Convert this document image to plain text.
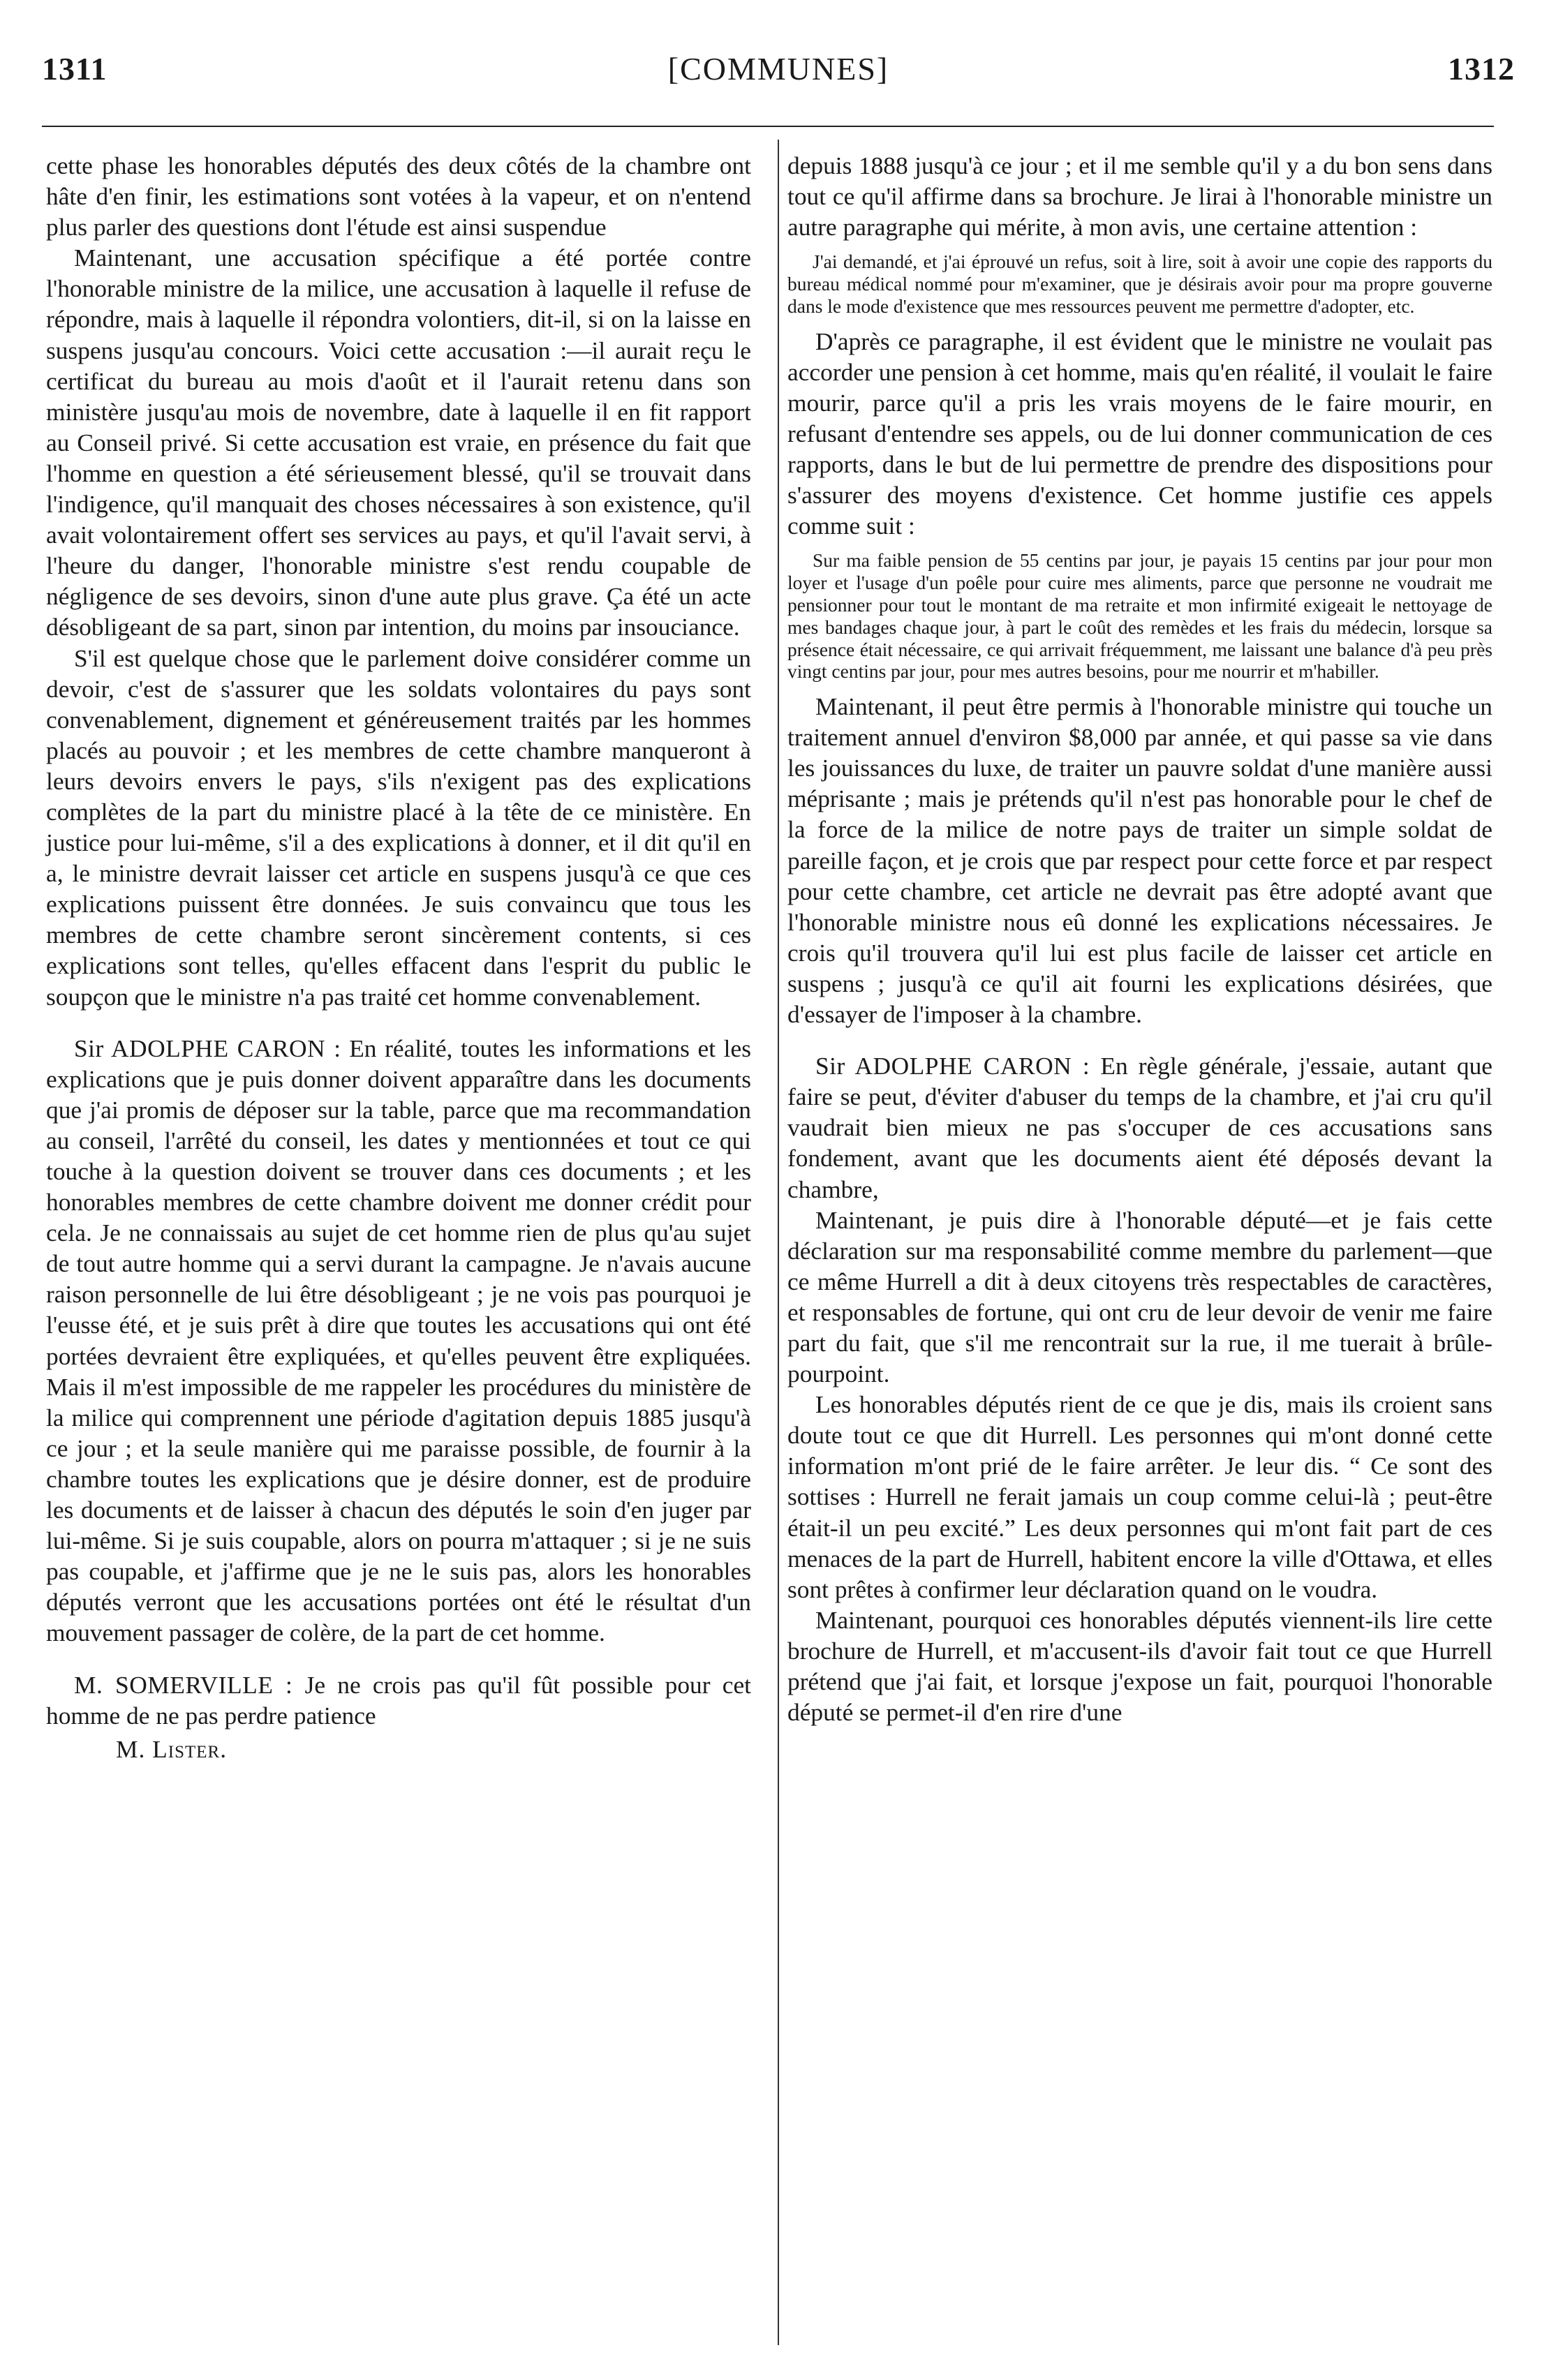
1311	[COMMUNES]	1312

cette phase les honorables députés des deux côtés de la chambre ont hâte d'en finir, les estimations sont votées à la vapeur, et on n'entend plus parler des questions dont l'étude est ainsi suspendue

Maintenant, une accusation spécifique a été portée contre l'honorable ministre de la milice, une accusation à laquelle il refuse de répondre, mais à laquelle il répondra volontiers, dit-il, si on la laisse en suspens jusqu'au concours. Voici cette accusation :—il aurait reçu le certificat du bureau au mois d'août et il l'aurait retenu dans son ministère jusqu'au mois de novembre, date à laquelle il en fit rapport au Conseil privé. Si cette accusation est vraie, en présence du fait que l'homme en question a été sérieusement blessé, qu'il se trouvait dans l'indigence, qu'il manquait des choses nécessaires à son existence, qu'il avait volontairement offert ses services au pays, et qu'il l'avait servi, à l'heure du danger, l'honorable ministre s'est rendu coupable de négligence de ses devoirs, sinon d'une aute plus grave. Ça été un acte désobligeant de sa part, sinon par intention, du moins par insouciance.

S'il est quelque chose que le parlement doive considérer comme un devoir, c'est de s'assurer que les soldats volontaires du pays sont convenablement, dignement et généreusement traités par les hommes placés au pouvoir ; et les membres de cette chambre manqueront à leurs devoirs envers le pays, s'ils n'exigent pas des explications complètes de la part du ministre placé à la tête de ce ministère. En justice pour lui-même, s'il a des explications à donner, et il dit qu'il en a, le ministre devrait laisser cet article en suspens jusqu'à ce que ces explications puissent être données. Je suis convaincu que tous les membres de cette chambre seront sincèrement contents, si ces explications sont telles, qu'elles effacent dans l'esprit du public le soupçon que le ministre n'a pas traité cet homme convenablement.

Sir ADOLPHE CARON : En réalité, toutes les informations et les explications que je puis donner doivent apparaître dans les documents que j'ai promis de déposer sur la table, parce que ma recommandation au conseil, l'arrêté du conseil, les dates y mentionnées et tout ce qui touche à la question doivent se trouver dans ces documents ; et les honorables membres de cette chambre doivent me donner crédit pour cela. Je ne connaissais au sujet de cet homme rien de plus qu'au sujet de tout autre homme qui a servi durant la campagne. Je n'avais aucune raison personnelle de lui être désobligeant ; je ne vois pas pourquoi je l'eusse été, et je suis prêt à dire que toutes les accusations qui ont été portées devraient être expliquées, et qu'elles peuvent être expliquées. Mais il m'est impossible de me rappeler les procédures du ministère de la milice qui comprennent une période d'agitation depuis 1885 jusqu'à ce jour ; et la seule manière qui me paraisse possible, de fournir à la chambre toutes les explications que je désire donner, est de produire les documents et de laisser à chacun des députés le soin d'en juger par lui-même. Si je suis coupable, alors on pourra m'attaquer ; si je ne suis pas coupable, et j'affirme que je ne le suis pas, alors les honorables députés verront que les accusations portées ont été le résultat d'un mouvement passager de colère, de la part de cet homme.

M. SOMERVILLE : Je ne crois pas qu'il fût possible pour cet homme de ne pas perdre patience

M. Lister.

depuis 1888 jusqu'à ce jour ; et il me semble qu'il y a du bon sens dans tout ce qu'il affirme dans sa brochure. Je lirai à l'honorable ministre un autre paragraphe qui mérite, à mon avis, une certaine attention :

J'ai demandé, et j'ai éprouvé un refus, soit à lire, soit à avoir une copie des rapports du bureau médical nommé pour m'examiner, que je désirais avoir pour ma propre gouverne dans le mode d'existence que mes ressources peuvent me permettre d'adopter, etc.

D'après ce paragraphe, il est évident que le ministre ne voulait pas accorder une pension à cet homme, mais qu'en réalité, il voulait le faire mourir, parce qu'il a pris les vrais moyens de le faire mourir, en refusant d'entendre ses appels, ou de lui donner communication de ces rapports, dans le but de lui permettre de prendre des dispositions pour s'assurer des moyens d'existence. Cet homme justifie ces appels comme suit :

Sur ma faible pension de 55 centins par jour, je payais 15 centins par jour pour mon loyer et l'usage d'un poêle pour cuire mes aliments, parce que personne ne voudrait me pensionner pour tout le montant de ma retraite et mon infirmité exigeait le nettoyage de mes bandages chaque jour, à part le coût des remèdes et les frais du médecin, lorsque sa présence était nécessaire, ce qui arrivait fréquemment, me laissant une balance d'à peu près vingt centins par jour, pour mes autres besoins, pour me nourrir et m'habiller.

Maintenant, il peut être permis à l'honorable ministre qui touche un traitement annuel d'environ $8,000 par année, et qui passe sa vie dans les jouissances du luxe, de traiter un pauvre soldat d'une manière aussi méprisante ; mais je prétends qu'il n'est pas honorable pour le chef de la force de la milice de notre pays de traiter un simple soldat de pareille façon, et je crois que par respect pour cette force et par respect pour cette chambre, cet article ne devrait pas être adopté avant que l'honorable ministre nous eû donné les explications nécessaires. Je crois qu'il trouvera qu'il lui est plus facile de laisser cet article en suspens ; jusqu'à ce qu'il ait fourni les explications désirées, que d'essayer de l'imposer à la chambre.

Sir ADOLPHE CARON : En règle générale, j'essaie, autant que faire se peut, d'éviter d'abuser du temps de la chambre, et j'ai cru qu'il vaudrait bien mieux ne pas s'occuper de ces accusations sans fondement, avant que les documents aient été déposés devant la chambre,

Maintenant, je puis dire à l'honorable député—et je fais cette déclaration sur ma responsabilité comme membre du parlement—que ce même Hurrell a dit à deux citoyens très respectables de caractères, et responsables de fortune, qui ont cru de leur devoir de venir me faire part du fait, que s'il me rencontrait sur la rue, il me tuerait à brûle-pourpoint.

Les honorables députés rient de ce que je dis, mais ils croient sans doute tout ce que dit Hurrell. Les personnes qui m'ont donné cette information m'ont prié de le faire arrêter. Je leur dis. “ Ce sont des sottises : Hurrell ne ferait jamais un coup comme celui-là ; peut-être était-il un peu excité.” Les deux personnes qui m'ont fait part de ces menaces de la part de Hurrell, habitent encore la ville d'Ottawa, et elles sont prêtes à confirmer leur déclaration quand on le voudra.

Maintenant, pourquoi ces honorables députés viennent-ils lire cette brochure de Hurrell, et m'accusent-ils d'avoir fait tout ce que Hurrell prétend que j'ai fait, et lorsque j'expose un fait, pourquoi l'honorable député se permet-il d'en rire d'une
